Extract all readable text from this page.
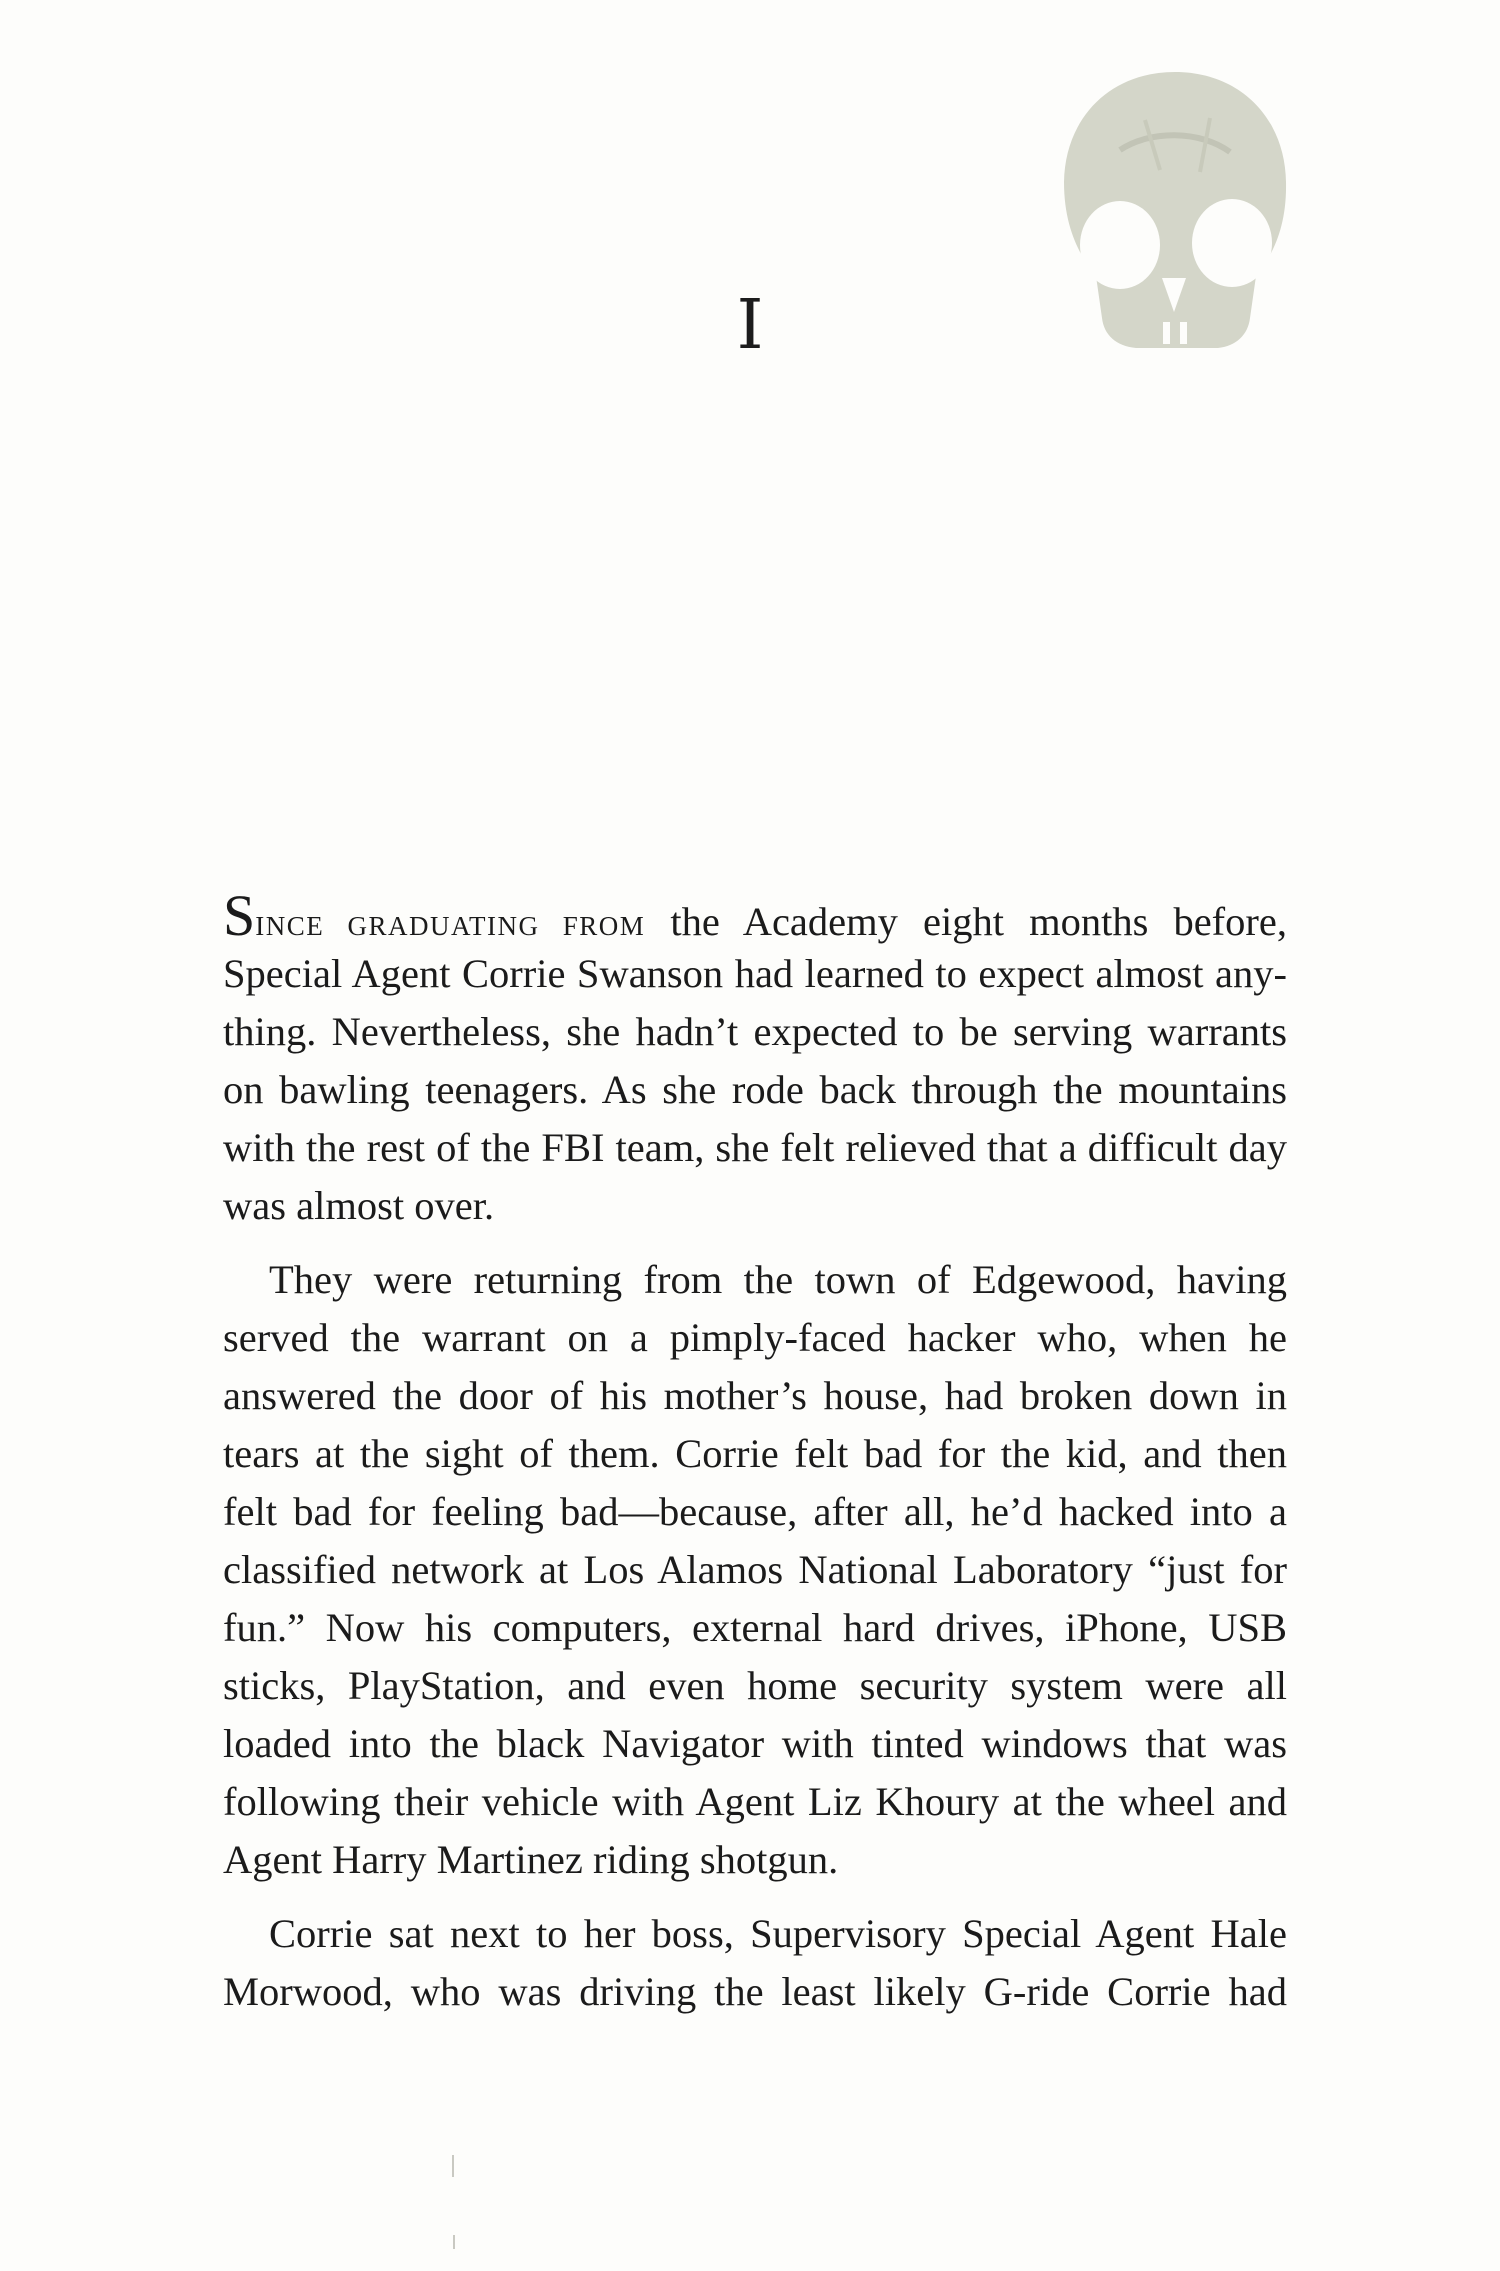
I
SINCE GRADUATING FROM the Academy eight months before,
Special Agent Corrie Swanson had learned to expect almost any-
thing. Nevertheless, she hadn’t expected to be serving warrants
on bawling teenagers. As she rode back through the mountains
with the rest of the FBI team, she felt relieved that a difficult day
was almost over.
They were returning from the town of Edgewood, having
served the warrant on a pimply-faced hacker who, when he
answered the door of his mother’s house, had broken down in
tears at the sight of them. Corrie felt bad for the kid, and then
felt bad for feeling bad—because, after all, he’d hacked into a
classified network at Los Alamos National Laboratory “just for
fun.” Now his computers, external hard drives, iPhone, USB
sticks, PlayStation, and even home security system were all
loaded into the black Navigator with tinted windows that was
following their vehicle with Agent Liz Khoury at the wheel and
Agent Harry Martinez riding shotgun.
Corrie sat next to her boss, Supervisory Special Agent Hale
Morwood, who was driving the least likely G-ride Corrie had
